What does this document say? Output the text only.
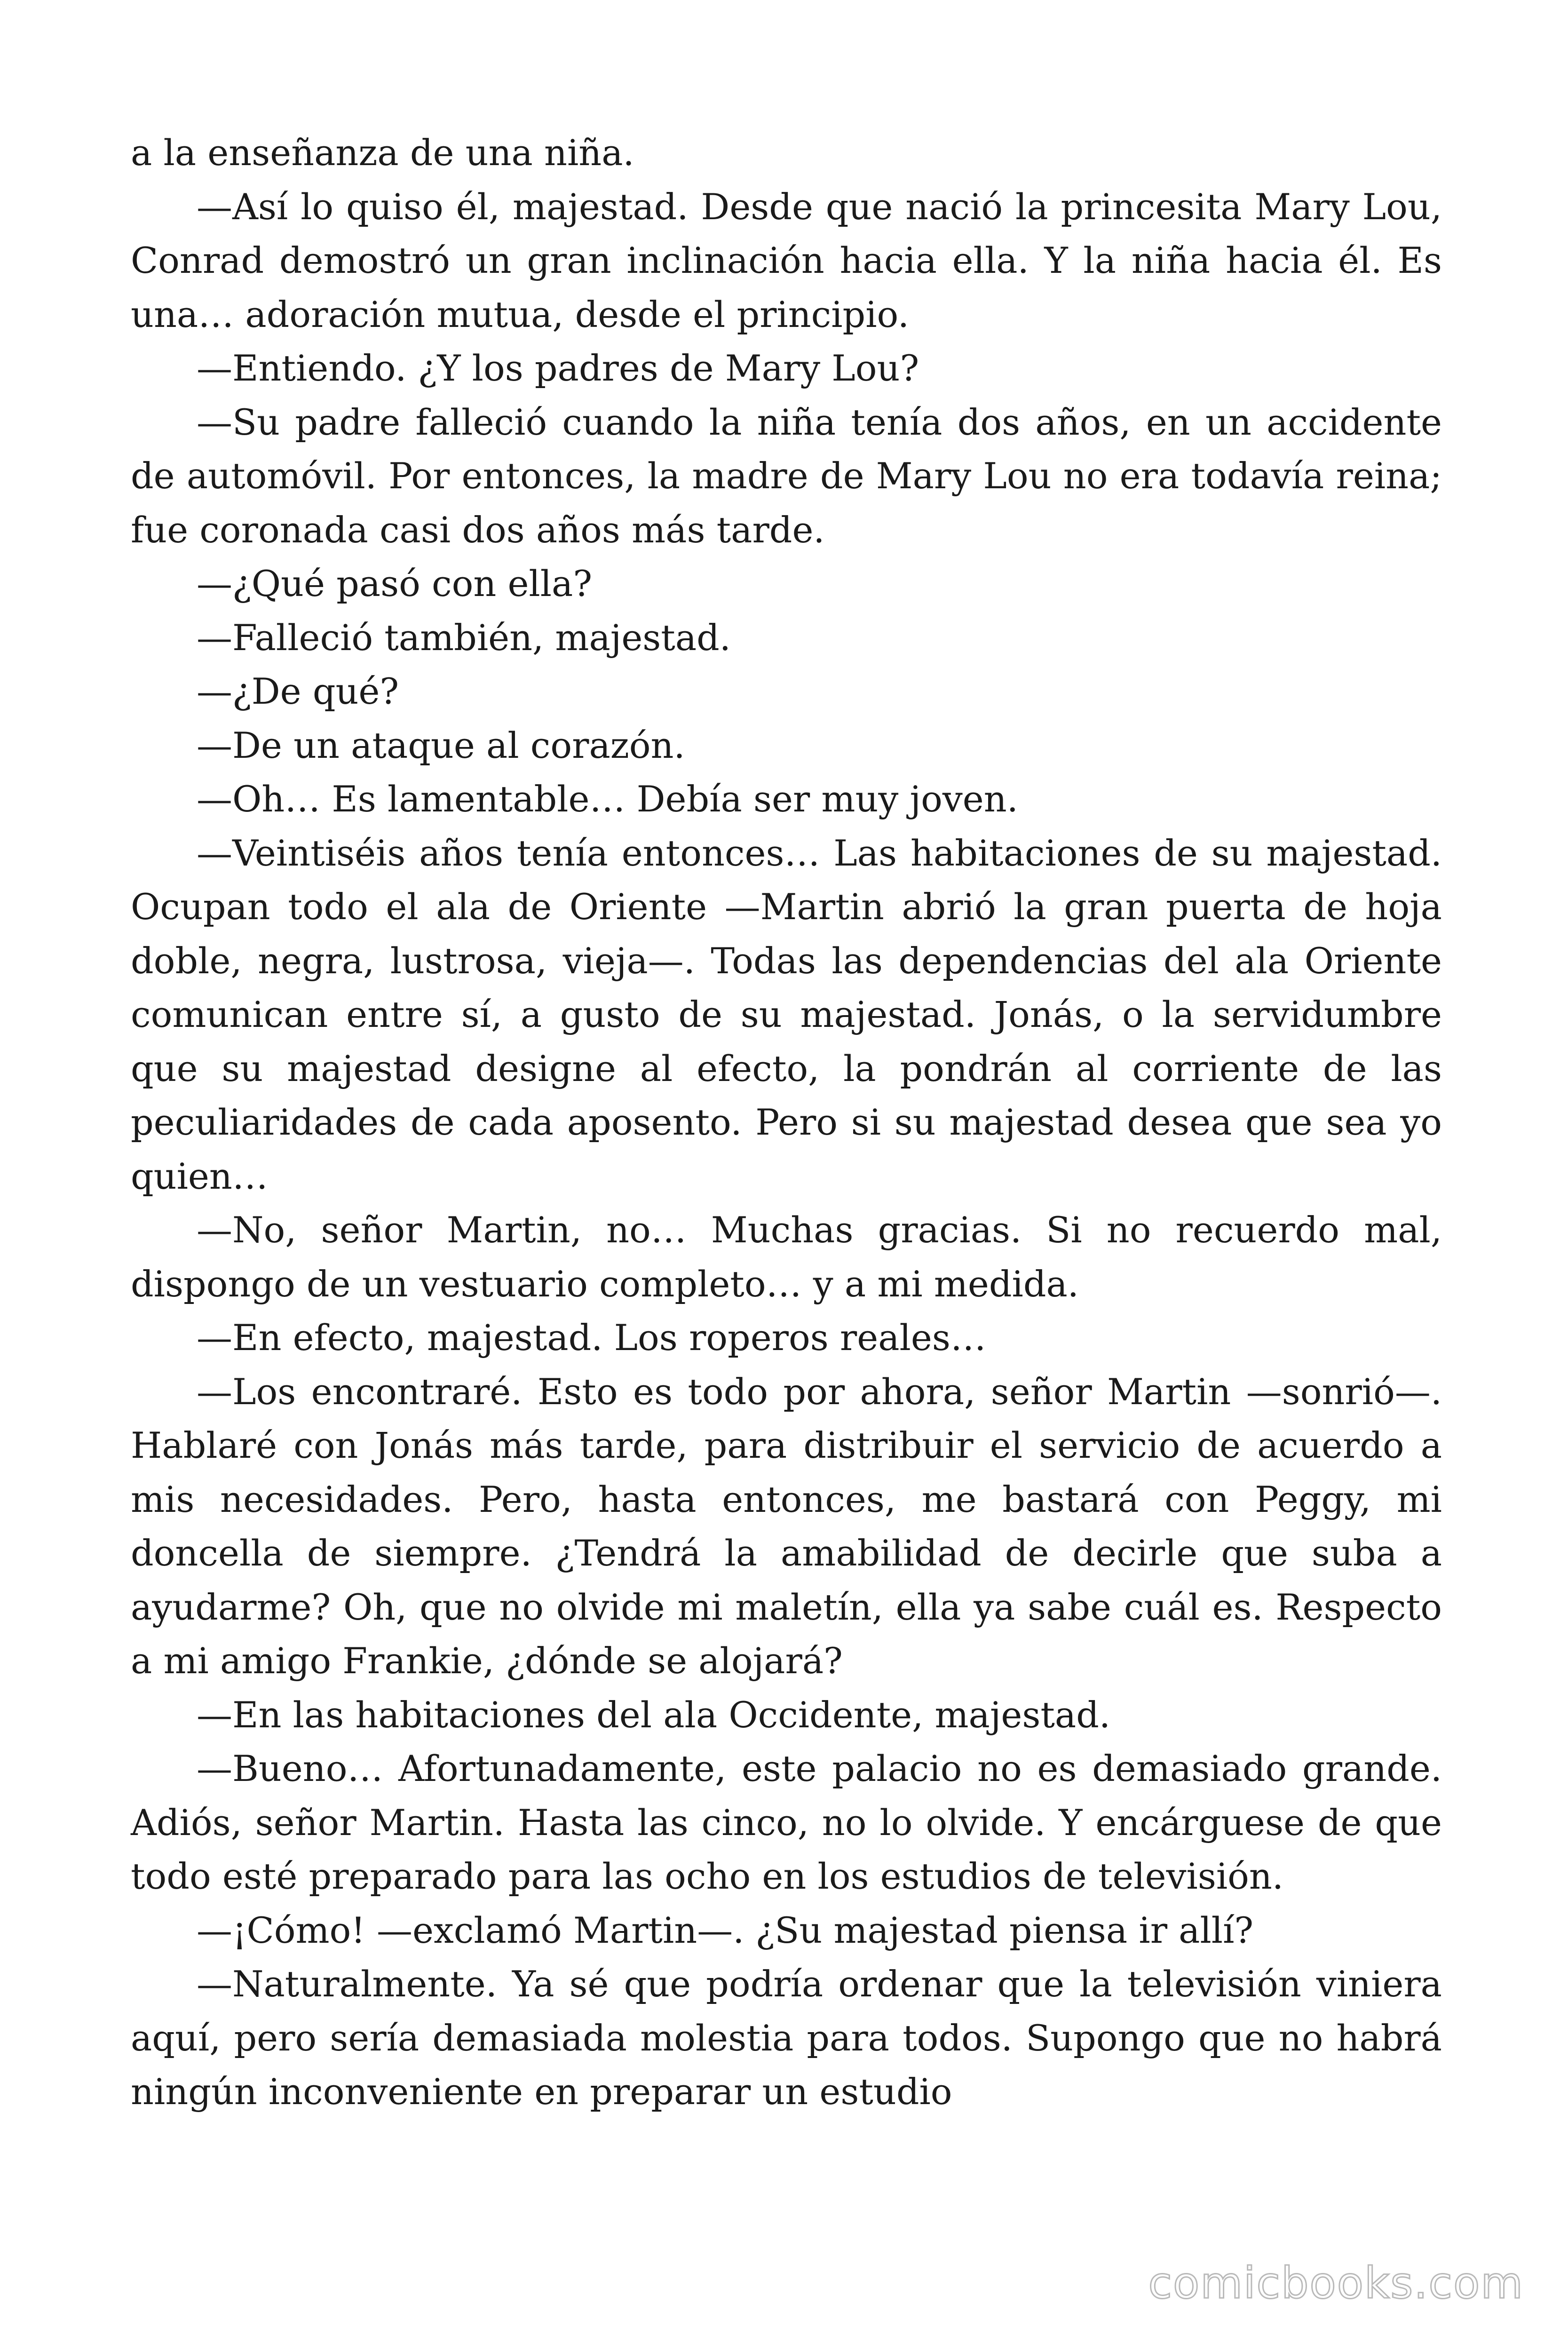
a la enseñanza de una niña.

—Así lo quiso él, majestad. Desde que nació la princesita Mary Lou, Conrad demostró un gran inclinación hacia ella. Y la niña hacia él. Es una… adoración mutua, desde el principio.

—Entiendo. ¿Y los padres de Mary Lou?

—Su padre falleció cuando la niña tenía dos años, en un accidente de automóvil. Por entonces, la madre de Mary Lou no era todavía reina; fue coronada casi dos años más tarde.

—¿Qué pasó con ella?

—Falleció también, majestad.

—¿De qué?

—De un ataque al corazón.

—Oh… Es lamentable… Debía ser muy joven.

—Veintiséis años tenía entonces… Las habitaciones de su majestad. Ocupan todo el ala de Oriente —Martin abrió la gran puerta de hoja doble, negra, lustrosa, vieja—. Todas las dependencias del ala Oriente comunican entre sí, a gusto de su majestad. Jonás, o la servidumbre que su majestad designe al efecto, la pondrán al corriente de las peculiaridades de cada aposento. Pero si su majestad desea que sea yo quien…

—No, señor Martin, no… Muchas gracias. Si no recuerdo mal, dispongo de un vestuario completo… y a mi medida.

—En efecto, majestad. Los roperos reales…

—Los encontraré. Esto es todo por ahora, señor Martin —sonrió—. Hablaré con Jonás más tarde, para distribuir el servicio de acuerdo a mis necesidades. Pero, hasta entonces, me bastará con Peggy, mi doncella de siempre. ¿Tendrá la amabilidad de decirle que suba a ayudarme? Oh, que no olvide mi maletín, ella ya sabe cuál es. Respecto a mi amigo Frankie, ¿dónde se alojará?

—En las habitaciones del ala Occidente, majestad.

—Bueno… Afortunadamente, este palacio no es demasiado grande. Adiós, señor Martin. Hasta las cinco, no lo olvide. Y encárguese de que todo esté preparado para las ocho en los estudios de televisión.

—¡Cómo! —exclamó Martin—. ¿Su majestad piensa ir allí?

—Naturalmente. Ya sé que podría ordenar que la televisión viniera aquí, pero sería demasiada molestia para todos. Supongo que no habrá ningún inconveniente en preparar un estudio

comicbooks.com
